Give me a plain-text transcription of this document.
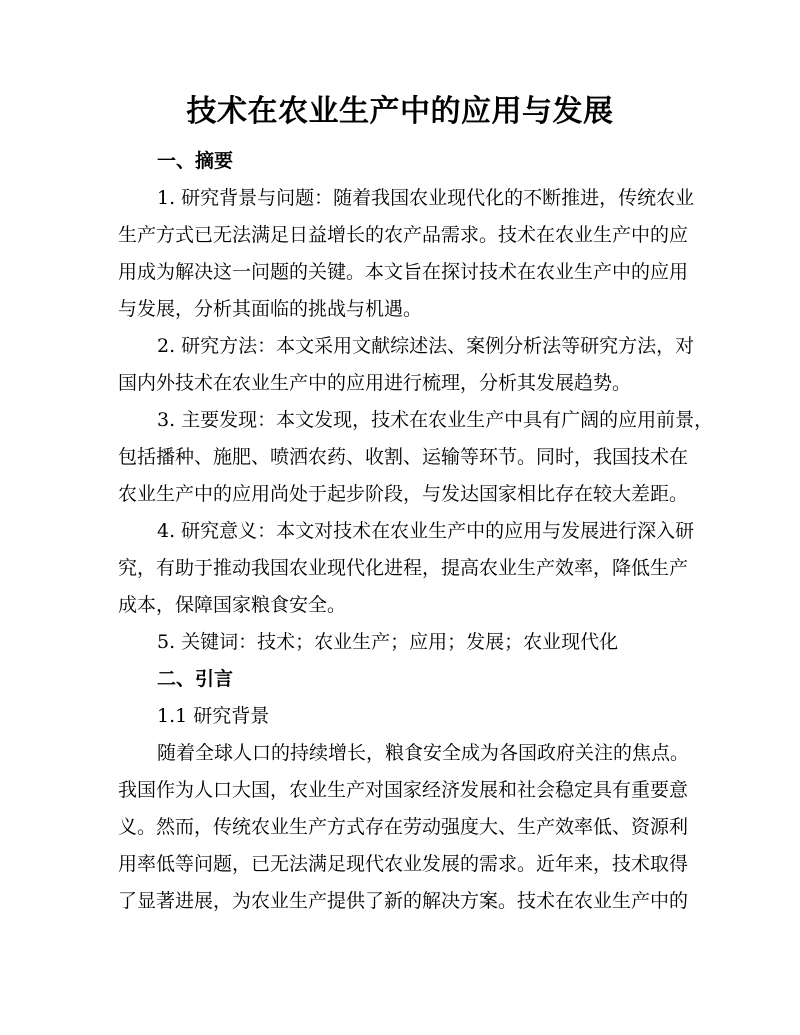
技术在农业生产中的应用与发展
一、摘要
1. 研究背景与问题：随着我国农业现代化的不断推进，传统农业
生产方式已无法满足日益增长的农产品需求。技术在农业生产中的应
用成为解决这一问题的关键。本文旨在探讨技术在农业生产中的应用
与发展，分析其面临的挑战与机遇。
2. 研究方法：本文采用文献综述法、案例分析法等研究方法，对
国内外技术在农业生产中的应用进行梳理，分析其发展趋势。
3. 主要发现：本文发现，技术在农业生产中具有广阔的应用前景，
包括播种、施肥、喷洒农药、收割、运输等环节。同时，我国技术在
农业生产中的应用尚处于起步阶段，与发达国家相比存在较大差距。
4. 研究意义：本文对技术在农业生产中的应用与发展进行深入研
究，有助于推动我国农业现代化进程，提高农业生产效率，降低生产
成本，保障国家粮食安全。
5. 关键词：技术；农业生产；应用；发展；农业现代化
二、引言
1.1 研究背景
随着全球人口的持续增长，粮食安全成为各国政府关注的焦点。
我国作为人口大国，农业生产对国家经济发展和社会稳定具有重要意
义。然而，传统农业生产方式存在劳动强度大、生产效率低、资源利
用率低等问题，已无法满足现代农业发展的需求。近年来，技术取得
了显著进展，为农业生产提供了新的解决方案。技术在农业生产中的
